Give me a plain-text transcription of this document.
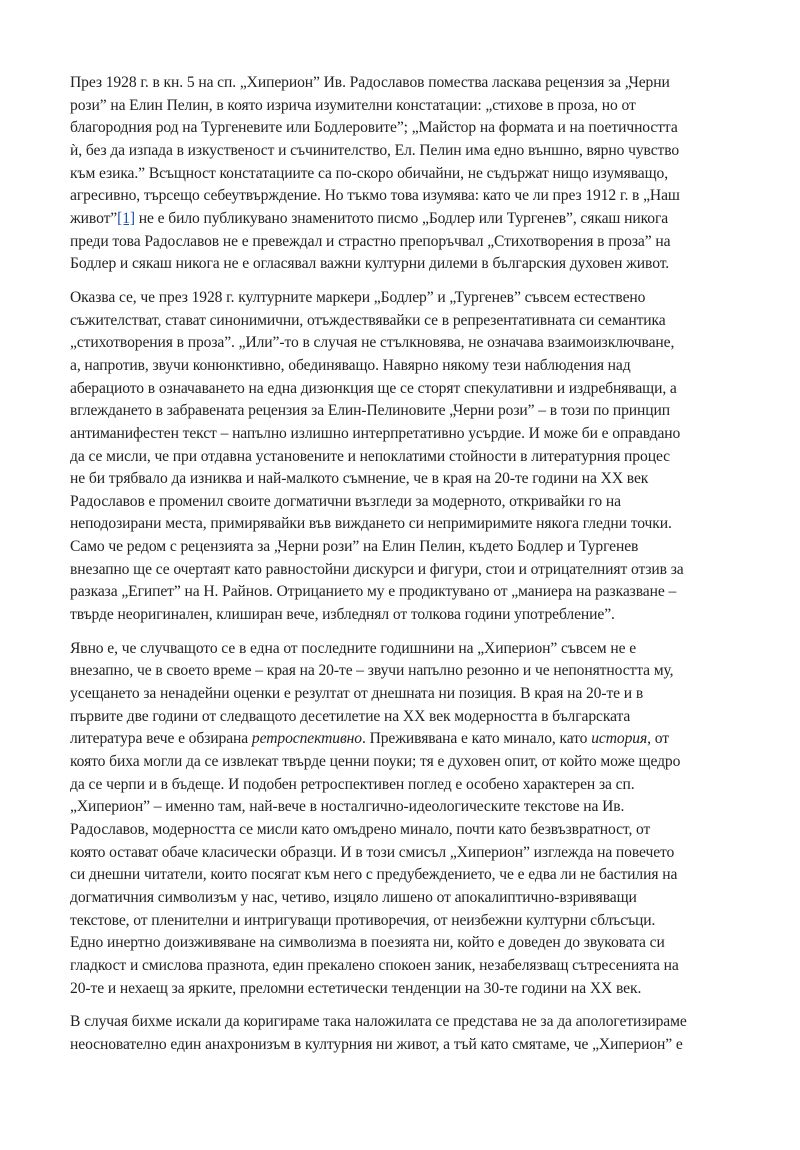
През 1928 г. в кн. 5 на сп. „Хиперион” Ив. Радославов помества ласкава рецензия за „Черни
рози” на Елин Пелин, в която изрича изумителни констатации: „стихове в проза, но от
благородния род на Тургеневите или Бодлеровите”; „Майстор на формата и на поетичността
ѝ, без да изпада в изкуственост и съчинителство, Ел. Пелин има едно външно, вярно чувство
към езика.” Всъщност констатациите са по-скоро обичайни, не съдържат нищо изумяващо,
агресивно, търсещо себеутвърждение. Но тъкмо това изумява: като че ли през 1912 г. в „Наш
живот”[1] не е било публикувано знаменитото писмо „Бодлер или Тургенев”, сякаш никога
преди това Радославов не е превеждал и страстно препоръчвал „Стихотворения в проза” на
Бодлер и сякаш никога не е огласявал важни културни дилеми в българския духовен живот.

Оказва се, че през 1928 г. културните маркери „Бодлер” и „Тургенев” съвсем естествено
съжителстват, стават синонимични, отъждествявайки се в репрезентативната си семантика
„стихотворения в проза”. „Или”-то в случая не стълкновява, не означава взаимоизключване,
а, напротив, звучи конюнктивно, обединяващо. Навярно някому тези наблюдения над
аберациото в означаването на една дизюнкция ще се сторят спекулативни и издребняващи, а
вглеждането в забравената рецензия за Елин-Пелиновите „Черни рози” – в този по принцип
антиманифестен текст – напълно излишно интерпретативно усърдие. И може би е оправдано
да се мисли, че при отдавна установените и непоклатими стойности в литературния процес
не би трябвало да изниква и най-малкото съмнение, че в края на 20-те години на XX век
Радославов е променил своите догматични възгледи за модерното, откривайки го на
неподозирани места, примирявайки във виждането си непримиримите някога гледни точки.
Само че редом с рецензията за „Черни рози” на Елин Пелин, където Бодлер и Тургенев
внезапно ще се очертаят като равностойни дискурси и фигури, стои и отрицателният отзив за
разказа „Египет” на Н. Райнов. Отрицанието му е продиктувано от „маниера на разказване –
твърде неоригинален, клиширан вече, избледнял от толкова години употребление”.

Явно е, че случващото се в една от последните годишнини на „Хиперион” съвсем не е
внезапно, че в своето време – края на 20-те – звучи напълно резонно и че непонятността му,
усещането за ненадейни оценки е резултат от днешната ни позиция. В края на 20-те и в
първите две години от следващото десетилетие на XX век модерността в българската
литература вече е обзирана ретроспективно. Преживявана е като минало, като история, от
която биха могли да се извлекат твърде ценни поуки; тя е духовен опит, от който може щедро
да се черпи и в бъдеще. И подобен ретроспективен поглед е особено характерен за сп.
„Хиперион” – именно там, най-вече в носталгично-идеологическите текстове на Ив.
Радославов, модерността се мисли като омъдрено минало, почти като безвъзвратност, от
която остават обаче класически образци. И в този смисъл „Хиперион” изглежда на повечето
си днешни читатели, които посягат към него с предубеждението, че е едва ли не бастилия на
догматичния символизъм у нас, четиво, изцяло лишено от апокалиптично-взривяващи
текстове, от пленителни и интригуващи противоречия, от неизбежни културни сблъсъци.
Едно инертно доизживяване на символизма в поезията ни, който е доведен до звуковата си
гладкост и смислова празнота, един прекалено спокоен заник, незабелязващ сътресенията на
20-те и нехаещ за ярките, преломни естетически тенденции на 30-те години на XX век.

В случая бихме искали да коригираме така наложилата се представа не за да апологетизираме
неоснователно един анахронизъм в културния ни живот, а тъй като смятаме, че „Хиперион” е
